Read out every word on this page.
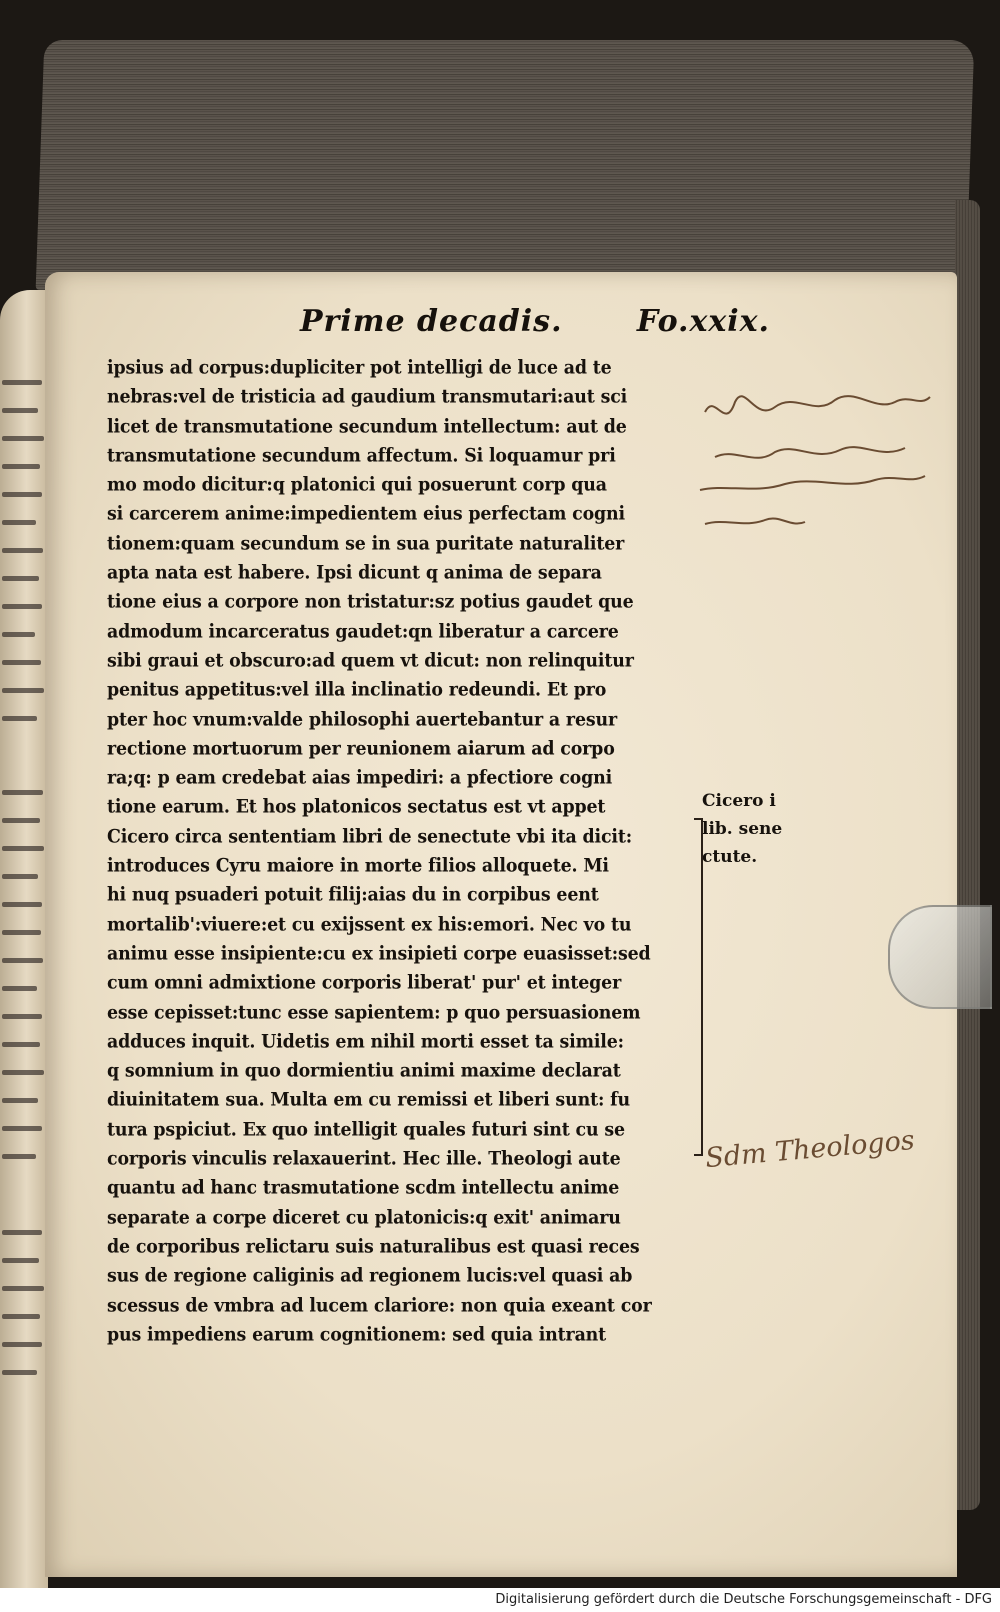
Prime decadis. Fo.xxix.
ipsius ad corpus:dupliciter pot intelligi de luce ad te
nebras:vel de tristicia ad gaudium transmutari:aut sci
licet de transmutatione secundum intellectum: aut de
transmutatione secundum affectum. Si loquamur pri
mo modo dicitur:q platonici qui posuerunt corp qua
si carcerem anime:impedientem eius perfectam cogni
tionem:quam secundum se in sua puritate naturaliter
apta nata est habere. Ipsi dicunt q anima de separa
tione eius a corpore non tristatur:sz potius gaudet que
admodum incarceratus gaudet:qn liberatur a carcere
sibi graui et obscuro:ad quem vt dicut: non relinquitur
penitus appetitus:vel illa inclinatio redeundi. Et pro
pter hoc vnum:valde philosophi auertebantur a resur
rectione mortuorum per reunionem aiarum ad corpo
ra;q: p eam credebat aias impediri: a pfectiore cogni
tione earum. Et hos platonicos sectatus est vt appet
Cicero circa sententiam libri de senectute vbi ita dicit:
introduces Cyru maiore in morte filios alloquete. Mi
hi nuq psuaderi potuit filij:aias du in corpibus eent
mortalib':viuere:et cu exijssent ex his:emori. Nec vo tu
animu esse insipiente:cu ex insipieti corpe euasisset:sed
cum omni admixtione corporis liberat' pur' et integer
esse cepisset:tunc esse sapientem: p quo persuasionem
adduces inquit. Uidetis em nihil morti esset ta simile:
q somnium in quo dormientiu animi maxime declarat
diuinitatem sua. Multa em cu remissi et liberi sunt: fu
tura pspiciut. Ex quo intelligit quales futuri sint cu se
corporis vinculis relaxauerint. Hec ille. Theologi aute
quantu ad hanc trasmutatione scdm intellectu anime
separate a corpe diceret cu platonicis:q exit' animaru
de corporibus relictaru suis naturalibus est quasi reces
sus de regione caliginis ad regionem lucis:vel quasi ab
scessus de vmbra ad lucem clariore: non quia exeant cor
pus impediens earum cognitionem: sed quia intrant
Cicero i
lib. sene
ctute.
Sdm Theologos
Digitalisierung gefördert durch die Deutsche Forschungsgemeinschaft - DFG
